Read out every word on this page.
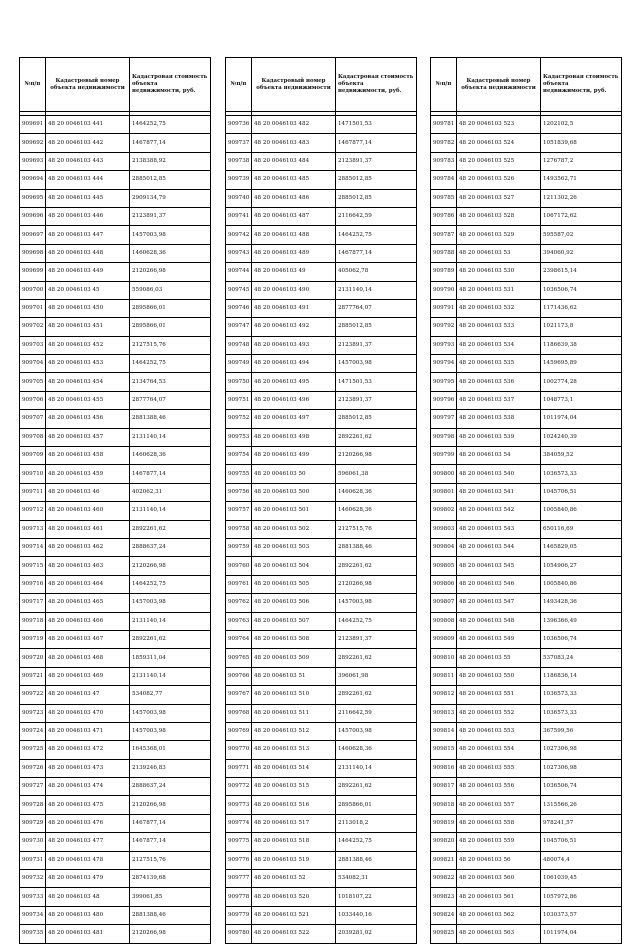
№п/п	Кадастровый номер объекта недвижимости	Кадастровая стоимость объекта недвижимости, руб.

909691	48 20 0046103 441	1464252,75
909692	48 20 0046103 442	1467877,14
909693	48 20 0046103 443	2138388,92
909694	48 20 0046103 444	2885012,85
909695	48 20 0046103 445	2909134,79
909696	48 20 0046103 446	2123891,37
909697	48 20 0046103 447	1457003,98
909698	48 20 0046103 448	1460628,36
909699	48 20 0046103 449	2120266,98
909700	48 20 0046103 45	559086,03
909701	48 20 0046103 450	2895866,01
909702	48 20 0046103 451	2895866,01
909703	48 20 0046103 452	2127515,76
909704	48 20 0046103 453	1464252,75
909705	48 20 0046103 454	2134764,53
909706	48 20 0046103 455	2877764,07
909707	48 20 0046103 456	2881388,46
909708	48 20 0046103 457	2131140,14
909709	48 20 0046103 458	1460628,36
909710	48 20 0046103 459	1467877,14
909711	48 20 0046103 46	402062,31
909712	48 20 0046103 460	2131140,14
909713	48 20 0046103 461	2892261,62
909714	48 20 0046103 462	2888637,24
909715	48 20 0046103 463	2120266,98
909716	48 20 0046103 464	1464252,75
909717	48 20 0046103 465	1457003,98
909718	48 20 0046103 466	2131140,14
909719	48 20 0046103 467	2892261,62
909720	48 20 0046103 468	1859311,04
909721	48 20 0046103 469	2131140,14
909722	48 20 0046103 47	534082,77
909723	48 20 0046103 470	1457003,98
909724	48 20 0046103 471	1457003,98
909725	48 20 0046103 472	1645368,01
909726	48 20 0046103 473	2139246,83
909727	48 20 0046103 474	2888637,24
909728	48 20 0046103 475	2120266,98
909729	48 20 0046103 476	1467877,14
909730	48 20 0046103 477	1467877,14
909731	48 20 0046103 478	2127515,76
909732	48 20 0046103 479	2874139,68
909733	48 20 0046103 48	399061,85
909734	48 20 0046103 480	2881388,46
909735	48 20 0046103 481	2120266,98
№п/п	Кадастровый номер объекта недвижимости	Кадастровая стоимость объекта недвижимости, руб.

909736	48 20 0046103 482	1471501,53
909737	48 20 0046103 483	1467877,14
909738	48 20 0046103 484	2123891,37
909739	48 20 0046103 485	2885012,85
909740	48 20 0046103 486	2885012,85
909741	48 20 0046103 487	2116642,59
909742	48 20 0046103 488	1464252,75
909743	48 20 0046103 489	1467877,14
909744	48 20 0046103 49	405062,78
909745	48 20 0046103 490	2131140,14
909746	48 20 0046103 491	2877764,07
909747	48 20 0046103 492	2885012,85
909748	48 20 0046103 493	2123891,37
909749	48 20 0046103 494	1457003,98
909750	48 20 0046103 495	1471501,53
909751	48 20 0046103 496	2123891,37
909752	48 20 0046103 497	2885012,85
909753	48 20 0046103 498	2892261,62
909754	48 20 0046103 499	2120266,98
909755	48 20 0046103 50	596061,38
909756	48 20 0046103 500	1460628,36
909757	48 20 0046103 501	1460628,36
909758	48 20 0046103 502	2127515,76
909759	48 20 0046103 503	2881388,46
909760	48 20 0046103 504	2892261,62
909761	48 20 0046103 505	2120266,98
909762	48 20 0046103 506	1457003,98
909763	48 20 0046103 507	1464252,75
909764	48 20 0046103 508	2123891,37
909765	48 20 0046103 509	2892261,62
909766	48 20 0046103 51	396061,98
909767	48 20 0046103 510	2892261,62
909768	48 20 0046103 511	2116642,59
909769	48 20 0046103 512	1457003,98
909770	48 20 0046103 513	1460628,36
909771	48 20 0046103 514	2131140,14
909772	48 20 0046103 515	2892261,62
909773	48 20 0046103 516	2895866,01
909774	48 20 0046103 517	2113018,2
909775	48 20 0046103 518	1464252,75
909776	48 20 0046103 519	2881388,46
909777	48 20 0046103 52	534082,31
909778	48 20 0046103 520	1018107,22
909779	48 20 0046103 521	1033440,16
909780	48 20 0046103 522	2039281,02
№п/п	Кадастровый номер объекта недвижимости	Кадастровая стоимость объекта недвижимости, руб.

909781	48 20 0046103 523	1202102,5
909782	48 20 0046103 524	1051839,68
909783	48 20 0046103 525	1276787,2
909784	48 20 0046103 526	1493562,71
909785	48 20 0046103 527	1211302,26
909786	48 20 0046103 528	1067172,62
909787	48 20 0046103 529	595587,02
909788	48 20 0046103 53	394060,92
909789	48 20 0046103 530	2398615,14
909790	48 20 0046103 531	1036506,74
909791	48 20 0046103 532	1171436,62
909792	48 20 0046103 533	1021173,8
909793	48 20 0046103 534	1186639,38
909794	48 20 0046103 535	1459695,89
909795	48 20 0046103 536	1002774,28
909796	48 20 0046103 537	1048773,1
909797	48 20 0046103 538	1011974,04
909798	48 20 0046103 539	1024240,39
909799	48 20 0046103 54	384059,52
909800	48 20 0046103 540	1036573,33
909801	48 20 0046103 541	1045706,51
909802	48 20 0046103 542	1005840,86
909803	48 20 0046103 543	650116,69
909804	48 20 0046103 544	1465829,05
909805	48 20 0046103 545	1054906,27
909806	48 20 0046103 546	1005840,86
909807	48 20 0046103 547	1493428,36
909808	48 20 0046103 548	1396366,49
909809	48 20 0046103 549	1036506,74
909810	48 20 0046103 55	537083,24
909811	48 20 0046103 550	1186836,14
909812	48 20 0046103 551	1036573,33
909813	48 20 0046103 552	1036573,33
909814	48 20 0046103 553	367599,56
909815	48 20 0046103 554	1027306,98
909816	48 20 0046103 555	1027306,98
909817	48 20 0046103 556	1036506,74
909818	48 20 0046103 557	1315566,26
909819	48 20 0046103 558	978241,57
909820	48 20 0046103 559	1045706,51
909821	48 20 0046103 56	480074,4
909822	48 20 0046103 560	1061039,45
909823	48 20 0046103 561	1057972,86
909824	48 20 0046103 562	1030373,57
909825	48 20 0046103 563	1011974,04
